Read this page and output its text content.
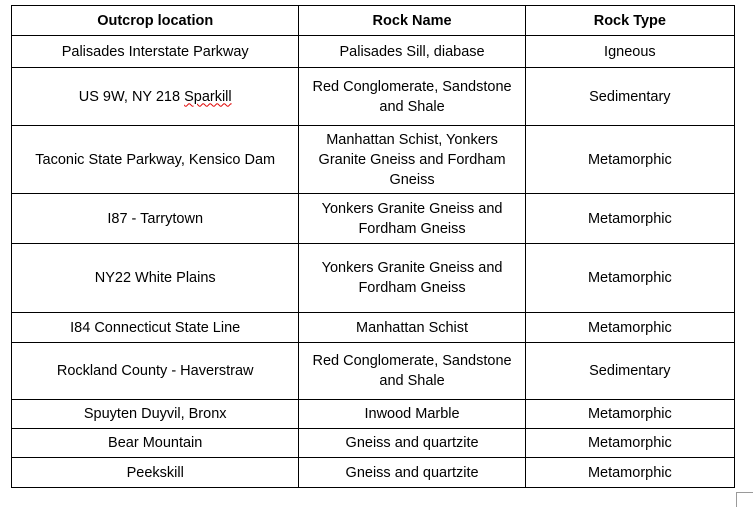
Outcrop location	Rock Name	Rock Type
Palisades Interstate Parkway	Palisades Sill, diabase	Igneous
US 9W, NY 218 Sparkill	Red Conglomerate, Sandstone and Shale	Sedimentary
Taconic State Parkway, Kensico Dam	Manhattan Schist, Yonkers Granite Gneiss and Fordham Gneiss	Metamorphic
I87 - Tarrytown	Yonkers Granite Gneiss and Fordham Gneiss	Metamorphic
NY22 White Plains	Yonkers Granite Gneiss and Fordham Gneiss	Metamorphic
I84 Connecticut State Line	Manhattan Schist	Metamorphic
Rockland County - Haverstraw	Red Conglomerate, Sandstone and Shale	Sedimentary
Spuyten Duyvil, Bronx	Inwood Marble	Metamorphic
Bear Mountain	Gneiss and quartzite	Metamorphic
Peekskill	Gneiss and quartzite	Metamorphic
